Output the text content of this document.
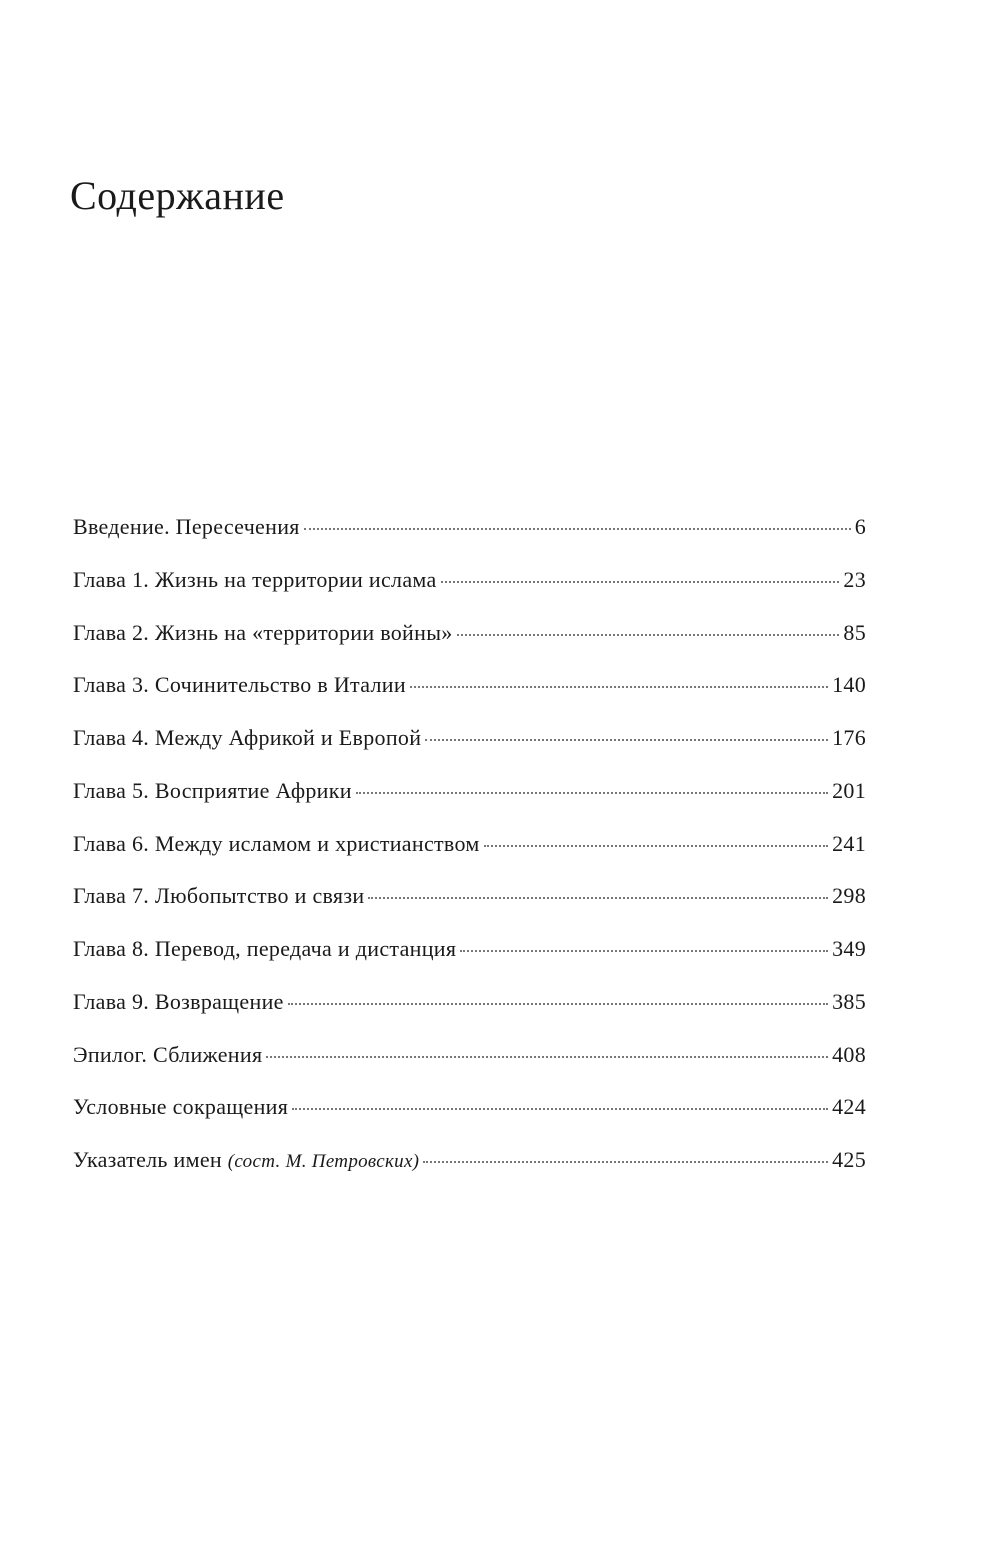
Содержание
Введение. Пересечения	6
Глава 1. Жизнь на территории ислама	23
Глава 2. Жизнь на «территории войны»	85
Глава 3. Сочинительство в Италии	140
Глава 4. Между Африкой и Европой	176
Глава 5. Восприятие Африки	201
Глава 6. Между исламом и христианством	241
Глава 7. Любопытство и связи	298
Глава 8. Перевод, передача и дистанция	349
Глава 9. Возвращение	385
Эпилог. Сближения	408
Условные сокращения	424
Указатель имен (сост. М. Петровских)	425
